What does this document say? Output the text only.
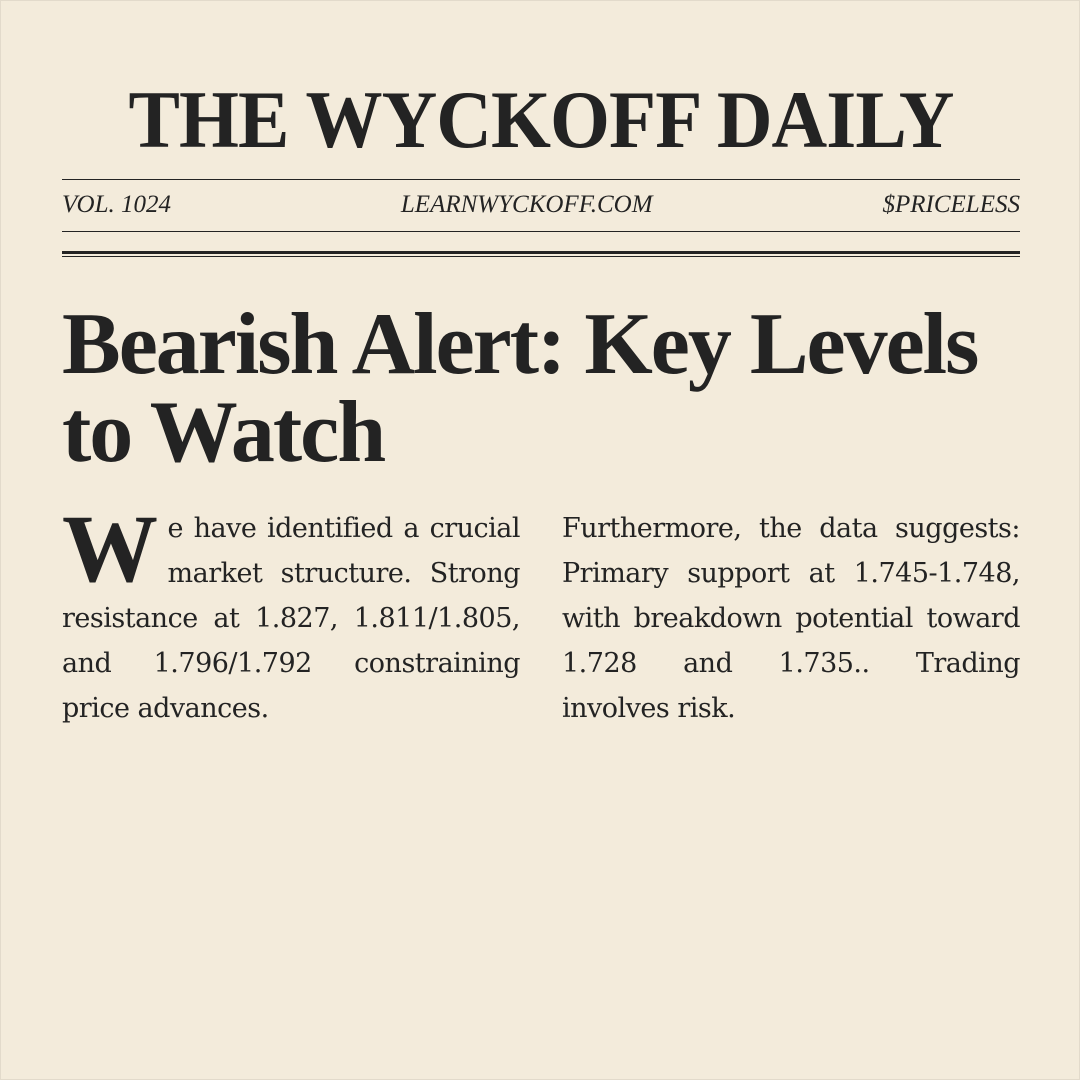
THE WYCKOFF DAILY
VOL. 1024	LEARNWYCKOFF.COM	$PRICELESS
Bearish Alert: Key Levels to Watch
We have identified a crucial market structure. Strong resistance at 1.827, 1.811/1.805, and 1.796/1.792 constraining price advances.
Furthermore, the data suggests: Primary support at 1.745-1.748, with breakdown potential toward 1.728 and 1.735.. Trading involves risk.
